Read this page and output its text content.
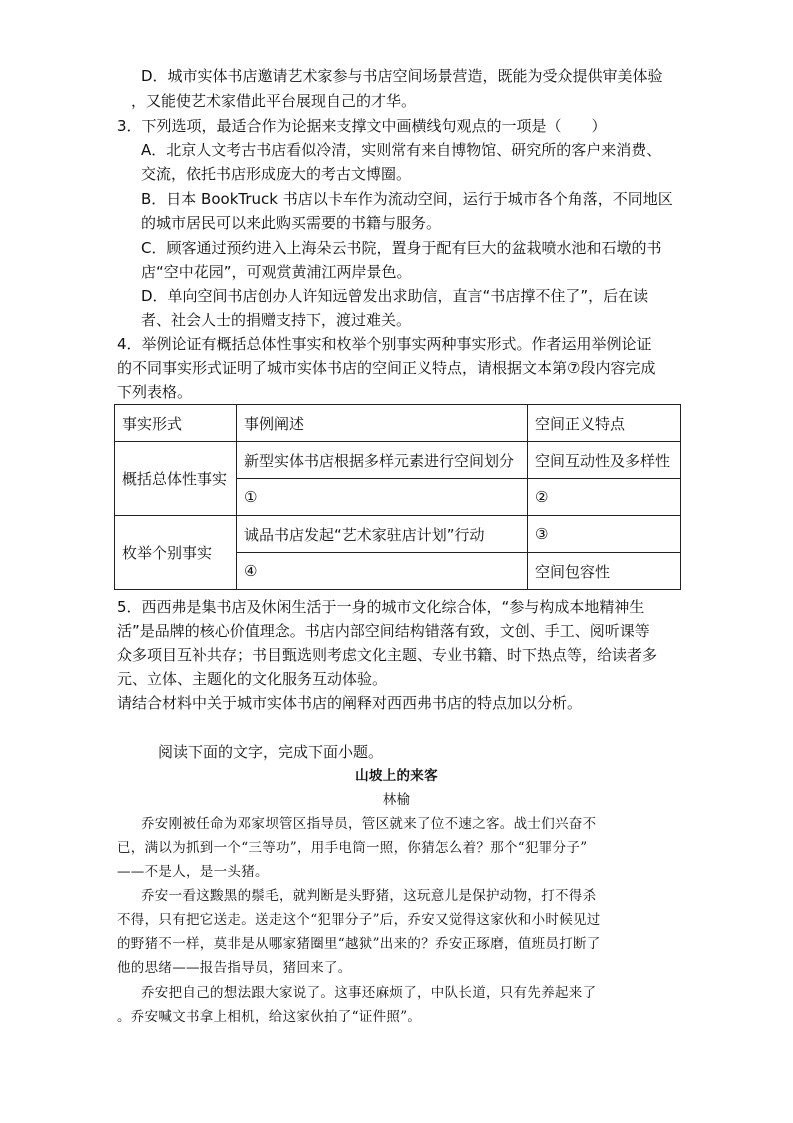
D．城市实体书店邀请艺术家参与书店空间场景营造，既能为受众提供审美体验
，又能使艺术家借此平台展现自己的才华。
3．下列选项，最适合作为论据来支撑文中画横线句观点的一项是（　　）
A．北京人文考古书店看似冷清，实则常有来自博物馆、研究所的客户来消费、
交流，依托书店形成庞大的考古文博圈。
B．日本 BookTruck 书店以卡车作为流动空间，运行于城市各个角落，不同地区
的城市居民可以来此购买需要的书籍与服务。
C．顾客通过预约进入上海朵云书院，置身于配有巨大的盆栽喷水池和石墩的书
店“空中花园”，可观赏黄浦江两岸景色。
D．单向空间书店创办人许知远曾发出求助信，直言“书店撑不住了”，后在读
者、社会人士的捐赠支持下，渡过难关。
4．举例论证有概括总体性事实和枚举个别事实两种事实形式。作者运用举例论证
的不同事实形式证明了城市实体书店的空间正义特点，请根据文本第⑦段内容完成
下列表格。
事实形式	事例阐述	空间正义特点
概括总体性事实	新型实体书店根据多样元素进行空间划分	空间互动性及多样性
	①	②
枚举个别事实	诚品书店发起“艺术家驻店计划”行动	③
	④	空间包容性
5．西西弗是集书店及休闲生活于一身的城市文化综合体，“参与构成本地精神生
活”是品牌的核心价值理念。书店内部空间结构错落有致，文创、手工、阅听课等
众多项目互补共存；书目甄选则考虑文化主题、专业书籍、时下热点等，给读者多
元、立体、主题化的文化服务互动体验。
请结合材料中关于城市实体书店的阐释对西西弗书店的特点加以分析。
阅读下面的文字，完成下面小题。
山坡上的来客
林榆
乔安刚被任命为邓家坝管区指导员，管区就来了位不速之客。战士们兴奋不
已，满以为抓到一个“三等功”，用手电筒一照，你猜怎么着？那个“犯罪分子”
——不是人，是一头猪。
乔安一看这黢黑的鬃毛，就判断是头野猪，这玩意儿是保护动物，打不得杀
不得，只有把它送走。送走这个“犯罪分子”后，乔安又觉得这家伙和小时候见过
的野猪不一样，莫非是从哪家猪圈里“越狱”出来的？乔安正琢磨，值班员打断了
他的思绪——报告指导员，猪回来了。
乔安把自己的想法跟大家说了。这事还麻烦了，中队长道，只有先养起来了
。乔安喊文书拿上相机，给这家伙拍了“证件照”。
